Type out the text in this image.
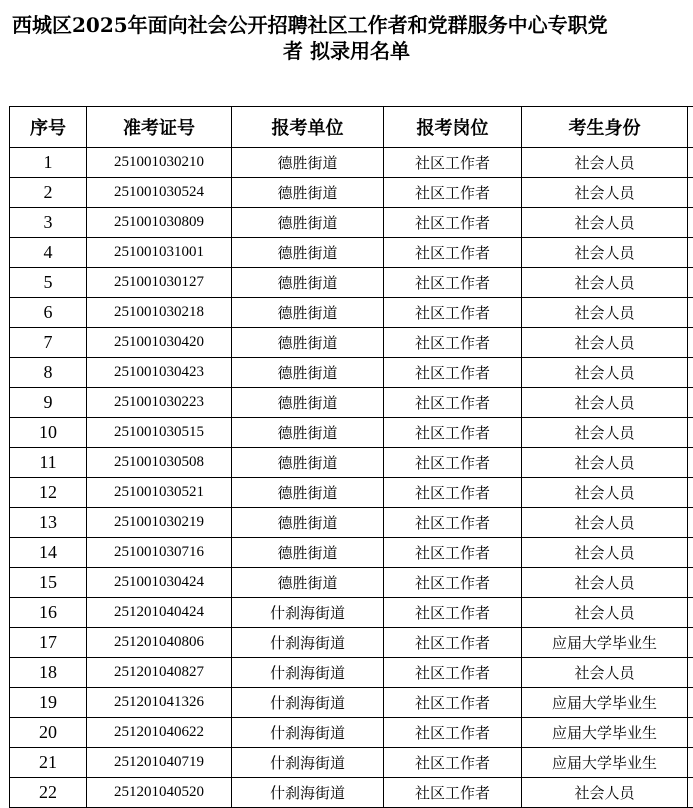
西城区2025年面向社会公开招聘社区工作者和党群服务中心专职党
者 拟录用名单
序号	准考证号	报考单位	报考岗位	考生身份	
1	251001030210	德胜街道	社区工作者	社会人员	
2	251001030524	德胜街道	社区工作者	社会人员	
3	251001030809	德胜街道	社区工作者	社会人员	
4	251001031001	德胜街道	社区工作者	社会人员	
5	251001030127	德胜街道	社区工作者	社会人员	
6	251001030218	德胜街道	社区工作者	社会人员	
7	251001030420	德胜街道	社区工作者	社会人员	
8	251001030423	德胜街道	社区工作者	社会人员	
9	251001030223	德胜街道	社区工作者	社会人员	
10	251001030515	德胜街道	社区工作者	社会人员	
11	251001030508	德胜街道	社区工作者	社会人员	
12	251001030521	德胜街道	社区工作者	社会人员	
13	251001030219	德胜街道	社区工作者	社会人员	
14	251001030716	德胜街道	社区工作者	社会人员	
15	251001030424	德胜街道	社区工作者	社会人员	
16	251201040424	什刹海街道	社区工作者	社会人员	
17	251201040806	什刹海街道	社区工作者	应届大学毕业生	
18	251201040827	什刹海街道	社区工作者	社会人员	
19	251201041326	什刹海街道	社区工作者	应届大学毕业生	
20	251201040622	什刹海街道	社区工作者	应届大学毕业生	
21	251201040719	什刹海街道	社区工作者	应届大学毕业生	
22	251201040520	什刹海街道	社区工作者	社会人员	
